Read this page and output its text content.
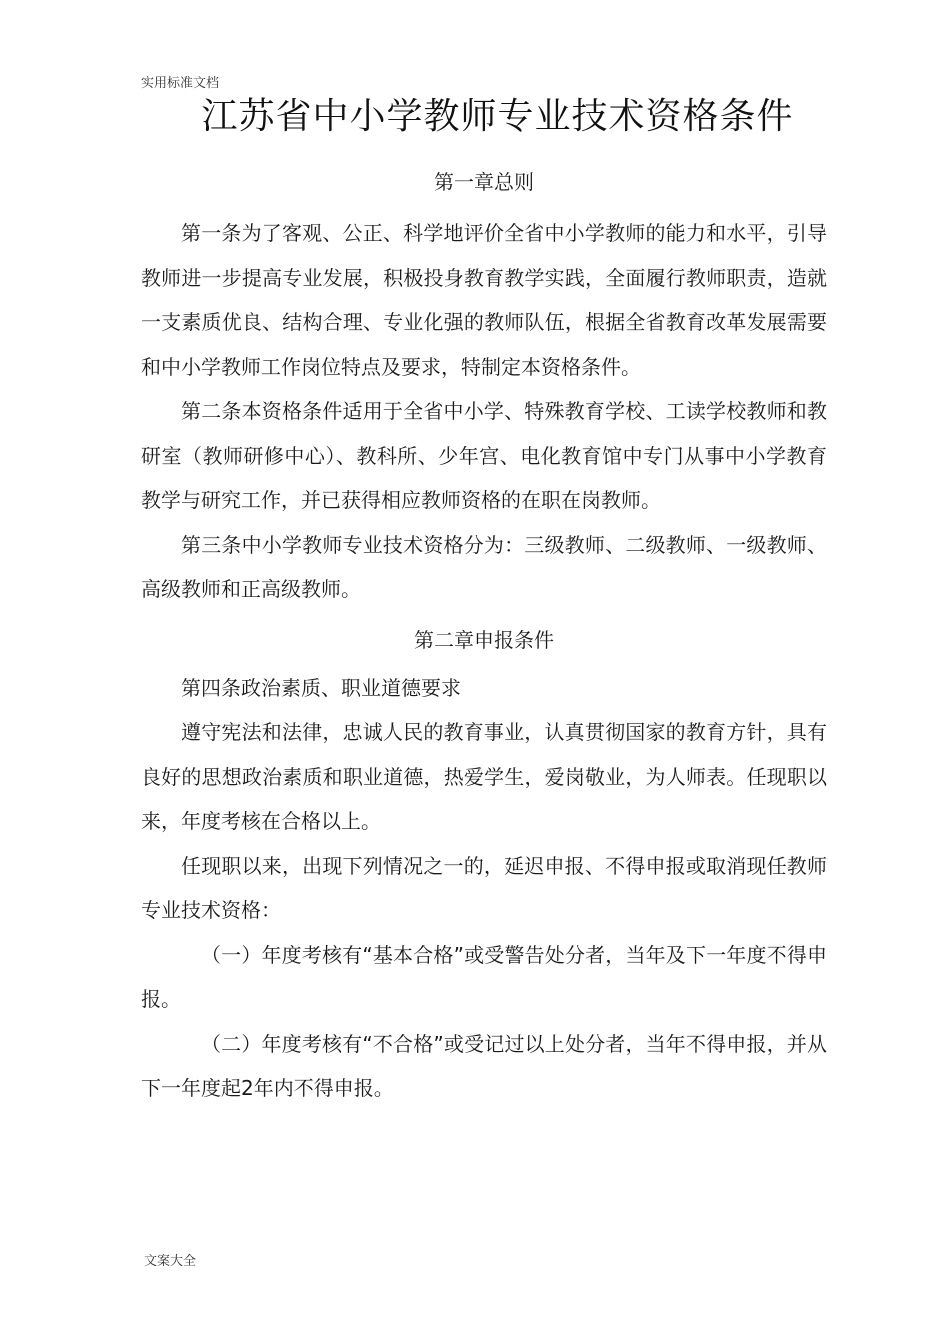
实用标准文档
江苏省中小学教师专业技术资格条件
第一章总则

第一条为了客观、公正、科学地评价全省中小学教师的能力和水平，引导教师进一步提高专业发展，积极投身教育教学实践，全面履行教师职责，造就一支素质优良、结构合理、专业化强的教师队伍，根据全省教育改革发展需要和中小学教师工作岗位特点及要求，特制定本资格条件。

第二条本资格条件适用于全省中小学、特殊教育学校、工读学校教师和教研室（教师研修中心）、教科所、少年宫、电化教育馆中专门从事中小学教育教学与研究工作，并已获得相应教师资格的在职在岗教师。

第三条中小学教师专业技术资格分为：三级教师、二级教师、一级教师、高级教师和正高级教师。

第二章申报条件

第四条政治素质、职业道德要求

遵守宪法和法律，忠诚人民的教育事业，认真贯彻国家的教育方针，具有良好的思想政治素质和职业道德，热爱学生，爱岗敬业，为人师表。任现职以来，年度考核在合格以上。

任现职以来，出现下列情况之一的，延迟申报、不得申报或取消现任教师专业技术资格：

（一）年度考核有“基本合格”或受警告处分者，当年及下一年度不得申报。

（二）年度考核有“不合格”或受记过以上处分者，当年不得申报，并从下一年度起2年内不得申报。

文案大全
